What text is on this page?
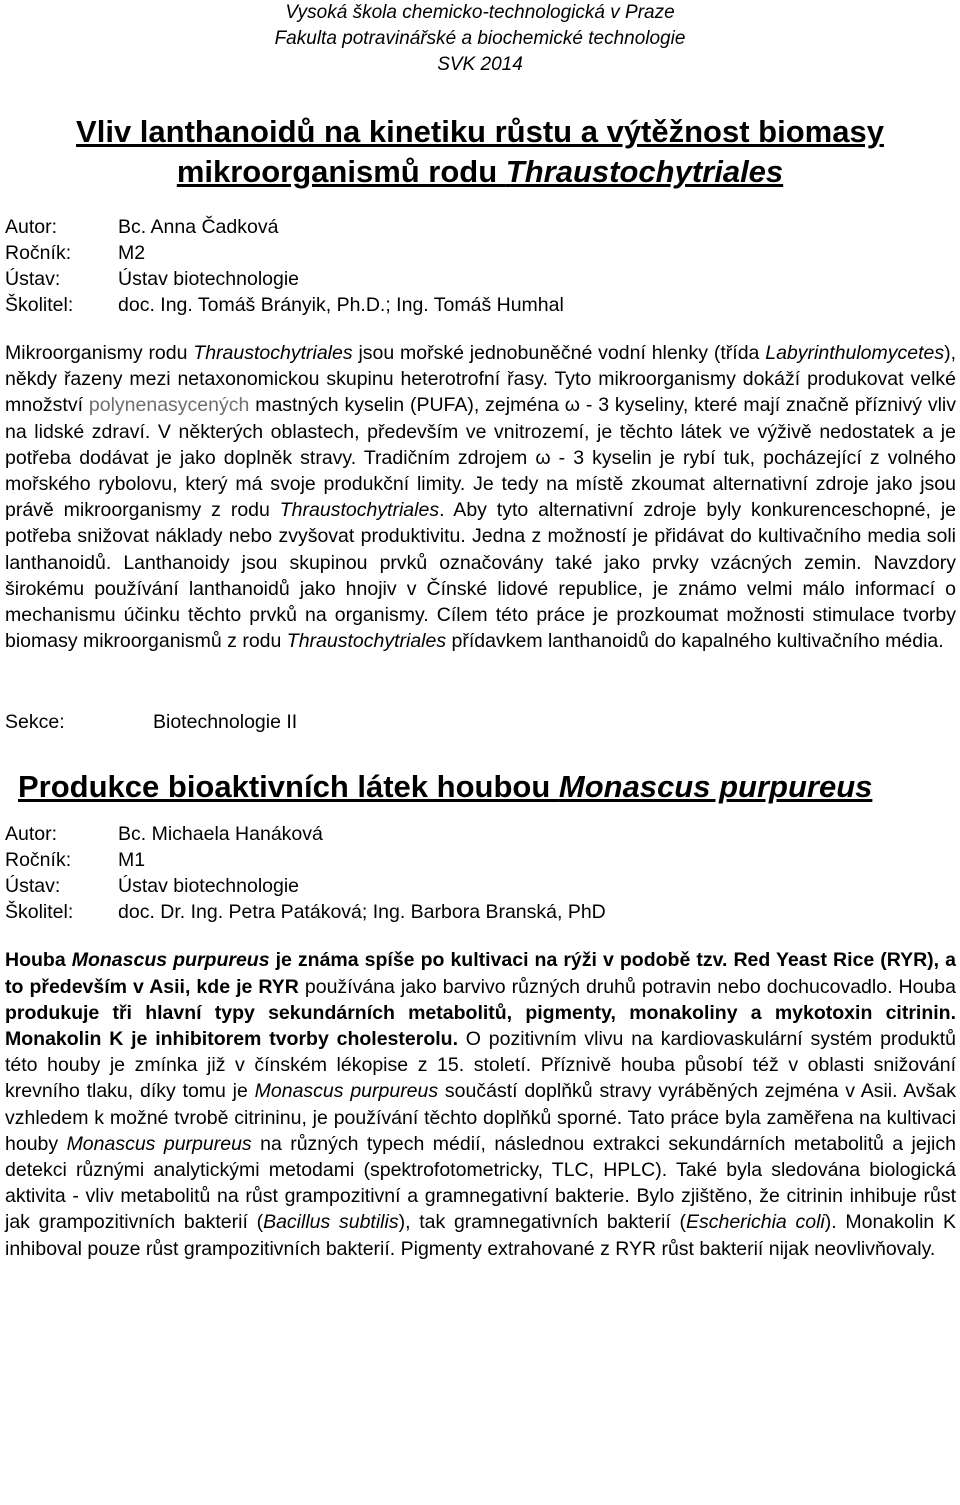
Vysoká škola chemicko-technologická v Praze
Fakulta potravinářské a biochemické technologie
SVK 2014
Vliv lanthanoidů na kinetiku růstu a výtěžnost biomasy
mikroorganismů rodu Thraustochytriales
Autor:	Bc. Anna Čadková
Ročník:	M2
Ústav:	Ústav biotechnologie
Školitel:	doc. Ing. Tomáš Brányik, Ph.D.; Ing. Tomáš Humhal
Mikroorganismy rodu Thraustochytriales jsou mořské jednobuněčné vodní hlenky (třída Labyrinthulomycetes), někdy řazeny mezi netaxonomickou skupinu heterotrofní řasy. Tyto mikroorganismy dokáží produkovat velké množství polynenasycených mastných kyselin (PUFA), zejména ω - 3 kyseliny, které mají značně příznivý vliv na lidské zdraví. V některých oblastech, především ve vnitrozemí, je těchto látek ve výživě nedostatek a je potřeba dodávat je jako doplněk stravy. Tradičním zdrojem ω - 3 kyselin je rybí tuk, pocházející z volného mořského rybolovu, který má svoje produkční limity. Je tedy na místě zkoumat alternativní zdroje jako jsou právě mikroorganismy z rodu Thraustochytriales. Aby tyto alternativní zdroje byly konkurenceschopné, je potřeba snižovat náklady nebo zvyšovat produktivitu. Jedna z možností je přidávat do kultivačního media soli lanthanoidů. Lanthanoidy jsou skupinou prvků označovány také jako prvky vzácných zemin. Navzdory širokému používání lanthanoidů jako hnojiv v Čínské lidové republice, je známo velmi málo informací o mechanismu účinku těchto prvků na organismy. Cílem této práce je prozkoumat možnosti stimulace tvorby biomasy mikroorganismů z rodu Thraustochytriales přídavkem lanthanoidů do kapalného kultivačního média.
Sekce:	Biotechnologie II
Produkce bioaktivních látek houbou Monascus purpureus
Autor:	Bc. Michaela Hanáková
Ročník:	M1
Ústav:	Ústav biotechnologie
Školitel:	doc. Dr. Ing. Petra Patáková; Ing. Barbora Branská, PhD
Houba Monascus purpureus je známa spíše po kultivaci na rýži v podobě tzv. Red Yeast Rice (RYR), a to především v Asii, kde je RYR používána jako barvivo různých druhů potravin nebo dochucovadlo. Houba produkuje tři hlavní typy sekundárních metabolitů, pigmenty, monakoliny a mykotoxin citrinin. Monakolin K je inhibitorem tvorby cholesterolu. O pozitivním vlivu na kardiovaskulární systém produktů této houby je zmínka již v čínském lékopise z 15. století. Příznivě houba působí též v oblasti snižování krevního tlaku, díky tomu je Monascus purpureus součástí doplňků stravy vyráběných zejména v Asii. Avšak vzhledem k možné tvrobě citrininu, je používání těchto doplňků sporné. Tato práce byla zaměřena na kultivaci houby Monascus purpureus na různých typech médií, následnou extrakci sekundárních metabolitů a jejich detekci různými analytickými metodami (spektrofotometricky, TLC, HPLC). Také byla sledována biologická aktivita - vliv metabolitů na růst grampozitivní a gramnegativní bakterie. Bylo zjištěno, že citrinin inhibuje růst jak grampozitivních bakterií (Bacillus subtilis), tak gramnegativních bakterií (Escherichia coli). Monakolin K inhiboval pouze růst grampozitivních bakterií. Pigmenty extrahované z RYR růst bakterií nijak neovlivňovaly.
